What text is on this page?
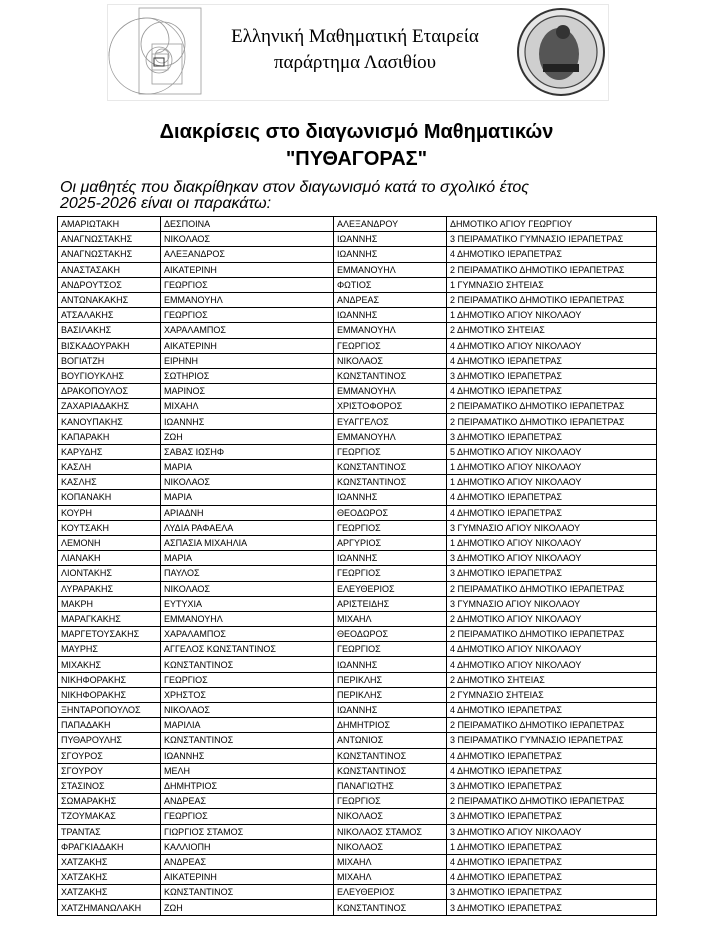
Ελληνική Μαθηματική Εταιρεία
παράρτημα Λασιθίου
Διακρίσεις στο διαγωνισμό Μαθηματικών
"ΠΥΘΑΓΟΡΑΣ"
Οι μαθητές που διακρίθηκαν στον διαγωνισμό κατά το σχολικό έτος
2025-2026 είναι οι παρακάτω:
ΑΜΑΡΙΩΤΑΚΗ	ΔΕΣΠΟΙΝΑ	ΑΛΕΞΑΝΔΡΟΥ	ΔΗΜΟΤΙΚΟ ΑΓΙΟΥ ΓΕΩΡΓΙΟΥ
ΑΝΑΓΝΩΣΤΑΚΗΣ	ΝΙΚΟΛΑΟΣ	ΙΩΑΝΝΗΣ	3 ΠΕΙΡΑΜΑΤΙΚΟ ΓΥΜΝΑΣΙΟ ΙΕΡΑΠΕΤΡΑΣ
ΑΝΑΓΝΩΣΤΑΚΗΣ	ΑΛΕΞΑΝΔΡΟΣ	ΙΩΑΝΝΗΣ	4 ΔΗΜΟΤΙΚΟ ΙΕΡΑΠΕΤΡΑΣ
ΑΝΑΣΤΑΣΑΚΗ	ΑΙΚΑΤΕΡΙΝΗ	ΕΜΜΑΝΟΥΗΛ	2 ΠΕΙΡΑΜΑΤΙΚΟ ΔΗΜΟΤΙΚΟ ΙΕΡΑΠΕΤΡΑΣ
ΑΝΔΡΟΥΤΣΟΣ	ΓΕΩΡΓΙΟΣ	ΦΩΤΙΟΣ	1 ΓΥΜΝΑΣΙΟ ΣΗΤΕΙΑΣ
ΑΝΤΩΝΑΚΑΚΗΣ	ΕΜΜΑΝΟΥΗΛ	ΑΝΔΡΕΑΣ	2 ΠΕΙΡΑΜΑΤΙΚΟ ΔΗΜΟΤΙΚΟ ΙΕΡΑΠΕΤΡΑΣ
ΑΤΣΑΛΑΚΗΣ	ΓΕΩΡΓΙΟΣ	ΙΩΑΝΝΗΣ	1 ΔΗΜΟΤΙΚΟ ΑΓΙΟΥ ΝΙΚΟΛΑΟΥ
ΒΑΣΙΛΑΚΗΣ	ΧΑΡΑΛΑΜΠΟΣ	ΕΜΜΑΝΟΥΗΛ	2 ΔΗΜΟΤΙΚΟ ΣΗΤΕΙΑΣ
ΒΙΣΚΑΔΟΥΡΑΚΗ	ΑΙΚΑΤΕΡΙΝΗ	ΓΕΩΡΓΙΟΣ	4 ΔΗΜΟΤΙΚΟ ΑΓΙΟΥ ΝΙΚΟΛΑΟΥ
ΒΟΓΙΑΤΖΗ	ΕΙΡΗΝΗ	ΝΙΚΟΛΑΟΣ	4 ΔΗΜΟΤΙΚΟ ΙΕΡΑΠΕΤΡΑΣ
ΒΟΥΓΙΟΥΚΛΗΣ	ΣΩΤΗΡΙΟΣ	ΚΩΝΣΤΑΝΤΙΝΟΣ	3 ΔΗΜΟΤΙΚΟ ΙΕΡΑΠΕΤΡΑΣ
ΔΡΑΚΟΠΟΥΛΟΣ	ΜΑΡΙΝΟΣ	ΕΜΜΑΝΟΥΗΛ	4 ΔΗΜΟΤΙΚΟ ΙΕΡΑΠΕΤΡΑΣ
ΖΑΧΑΡΙΑΔΑΚΗΣ	ΜΙΧΑΗΛ	ΧΡΙΣΤΟΦΟΡΟΣ	2 ΠΕΙΡΑΜΑΤΙΚΟ ΔΗΜΟΤΙΚΟ ΙΕΡΑΠΕΤΡΑΣ
ΚΑΝΟΥΠΑΚΗΣ	ΙΩΑΝΝΗΣ	ΕΥΑΓΓΕΛΟΣ	2 ΠΕΙΡΑΜΑΤΙΚΟ ΔΗΜΟΤΙΚΟ ΙΕΡΑΠΕΤΡΑΣ
ΚΑΠΑΡΑΚΗ	ΖΩΗ	ΕΜΜΑΝΟΥΗΛ	3 ΔΗΜΟΤΙΚΟ ΙΕΡΑΠΕΤΡΑΣ
ΚΑΡΥΔΗΣ	ΣΑΒΑΣ ΙΩΣΗΦ	ΓΕΩΡΓΙΟΣ	5 ΔΗΜΟΤΙΚΟ ΑΓΙΟΥ ΝΙΚΟΛΑΟΥ
ΚΑΣΛΗ	ΜΑΡΙΑ	ΚΩΝΣΤΑΝΤΙΝΟΣ	1 ΔΗΜΟΤΙΚΟ ΑΓΙΟΥ ΝΙΚΟΛΑΟΥ
ΚΑΣΛΗΣ	ΝΙΚΟΛΑΟΣ	ΚΩΝΣΤΑΝΤΙΝΟΣ	1 ΔΗΜΟΤΙΚΟ ΑΓΙΟΥ ΝΙΚΟΛΑΟΥ
ΚΟΠΑΝΑΚΗ	ΜΑΡΙΑ	ΙΩΑΝΝΗΣ	4 ΔΗΜΟΤΙΚΟ ΙΕΡΑΠΕΤΡΑΣ
ΚΟΥΡΗ	ΑΡΙΑΔΝΗ	ΘΕΟΔΩΡΟΣ	4 ΔΗΜΟΤΙΚΟ ΙΕΡΑΠΕΤΡΑΣ
ΚΟΥΤΣΑΚΗ	ΛΥΔΙΑ ΡΑΦΑΕΛΑ	ΓΕΩΡΓΙΟΣ	3 ΓΥΜΝΑΣΙΟ ΑΓΙΟΥ ΝΙΚΟΛΑΟΥ
ΛΕΜΟΝΗ	ΑΣΠΑΣΙΑ ΜΙΧΑΗΛΙΑ	ΑΡΓΥΡΙΟΣ	1 ΔΗΜΟΤΙΚΟ ΑΓΙΟΥ ΝΙΚΟΛΑΟΥ
ΛΙΑΝΑΚΗ	ΜΑΡΙΑ	ΙΩΑΝΝΗΣ	3 ΔΗΜΟΤΙΚΟ ΑΓΙΟΥ ΝΙΚΟΛΑΟΥ
ΛΙΟΝΤΑΚΗΣ	ΠΑΥΛΟΣ	ΓΕΩΡΓΙΟΣ	3 ΔΗΜΟΤΙΚΟ ΙΕΡΑΠΕΤΡΑΣ
ΛΥΡΑΡΑΚΗΣ	ΝΙΚΟΛΑΟΣ	ΕΛΕΥΘΕΡΙΟΣ	2 ΠΕΙΡΑΜΑΤΙΚΟ ΔΗΜΟΤΙΚΟ ΙΕΡΑΠΕΤΡΑΣ
ΜΑΚΡΗ	ΕΥΤΥΧΙΑ	ΑΡΙΣΤΕΙΔΗΣ	3 ΓΥΜΝΑΣΙΟ ΑΓΙΟΥ ΝΙΚΟΛΑΟΥ
ΜΑΡΑΓΚΑΚΗΣ	ΕΜΜΑΝΟΥΗΛ	ΜΙΧΑΗΛ	2 ΔΗΜΟΤΙΚΟ ΑΓΙΟΥ ΝΙΚΟΛΑΟΥ
ΜΑΡΓΕΤΟΥΣΑΚΗΣ	ΧΑΡΑΛΑΜΠΟΣ	ΘΕΟΔΩΡΟΣ	2 ΠΕΙΡΑΜΑΤΙΚΟ ΔΗΜΟΤΙΚΟ ΙΕΡΑΠΕΤΡΑΣ
ΜΑΥΡΗΣ	ΑΓΓΕΛΟΣ ΚΩΝΣΤΑΝΤΙΝΟΣ	ΓΕΩΡΓΙΟΣ	4 ΔΗΜΟΤΙΚΟ ΑΓΙΟΥ ΝΙΚΟΛΑΟΥ
ΜΙΧΑΚΗΣ	ΚΩΝΣΤΑΝΤΙΝΟΣ	ΙΩΑΝΝΗΣ	4 ΔΗΜΟΤΙΚΟ ΑΓΙΟΥ ΝΙΚΟΛΑΟΥ
ΝΙΚΗΦΟΡΑΚΗΣ	ΓΕΩΡΓΙΟΣ	ΠΕΡΙΚΛΗΣ	2 ΔΗΜΟΤΙΚΟ ΣΗΤΕΙΑΣ
ΝΙΚΗΦΟΡΑΚΗΣ	ΧΡΗΣΤΟΣ	ΠΕΡΙΚΛΗΣ	2 ΓΥΜΝΑΣΙΟ ΣΗΤΕΙΑΣ
ΞΗΝΤΑΡΟΠΟΥΛΟΣ	ΝΙΚΟΛΑΟΣ	ΙΩΑΝΝΗΣ	4 ΔΗΜΟΤΙΚΟ ΙΕΡΑΠΕΤΡΑΣ
ΠΑΠΑΔΑΚΗ	ΜΑΡΙΛΙΑ	ΔΗΜΗΤΡΙΟΣ	2 ΠΕΙΡΑΜΑΤΙΚΟ ΔΗΜΟΤΙΚΟ ΙΕΡΑΠΕΤΡΑΣ
ΠΥΘΑΡΟΥΛΗΣ	ΚΩΝΣΤΑΝΤΙΝΟΣ	ΑΝΤΩΝΙΟΣ	3 ΠΕΙΡΑΜΑΤΙΚΟ ΓΥΜΝΑΣΙΟ ΙΕΡΑΠΕΤΡΑΣ
ΣΓΟΥΡΟΣ	ΙΩΑΝΝΗΣ	ΚΩΝΣΤΑΝΤΙΝΟΣ	4 ΔΗΜΟΤΙΚΟ ΙΕΡΑΠΕΤΡΑΣ
ΣΓΟΥΡΟΥ	ΜΕΛΗ	ΚΩΝΣΤΑΝΤΙΝΟΣ	4 ΔΗΜΟΤΙΚΟ ΙΕΡΑΠΕΤΡΑΣ
ΣΤΑΣΙΝΟΣ	ΔΗΜΗΤΡΙΟΣ	ΠΑΝΑΓΙΩΤΗΣ	3 ΔΗΜΟΤΙΚΟ ΙΕΡΑΠΕΤΡΑΣ
ΣΩΜΑΡΑΚΗΣ	ΑΝΔΡΕΑΣ	ΓΕΩΡΓΙΟΣ	2 ΠΕΙΡΑΜΑΤΙΚΟ ΔΗΜΟΤΙΚΟ ΙΕΡΑΠΕΤΡΑΣ
ΤΖΟΥΜΑΚΑΣ	ΓΕΩΡΓΙΟΣ	ΝΙΚΟΛΑΟΣ	3 ΔΗΜΟΤΙΚΟ ΙΕΡΑΠΕΤΡΑΣ
ΤΡΑΝΤΑΣ	ΓΙΩΡΓΙΟΣ ΣΤΑΜΟΣ	ΝΙΚΟΛΑΟΣ ΣΤΑΜΟΣ	3 ΔΗΜΟΤΙΚΟ ΑΓΙΟΥ ΝΙΚΟΛΑΟΥ
ΦΡΑΓΚΙΑΔΑΚΗ	ΚΑΛΛΙΟΠΗ	ΝΙΚΟΛΑΟΣ	1 ΔΗΜΟΤΙΚΟ ΙΕΡΑΠΕΤΡΑΣ
ΧΑΤΖΑΚΗΣ	ΑΝΔΡΕΑΣ	ΜΙΧΑΗΛ	4 ΔΗΜΟΤΙΚΟ ΙΕΡΑΠΕΤΡΑΣ
ΧΑΤΖΑΚΗΣ	ΑΙΚΑΤΕΡΙΝΗ	ΜΙΧΑΗΛ	4 ΔΗΜΟΤΙΚΟ ΙΕΡΑΠΕΤΡΑΣ
ΧΑΤΖΑΚΗΣ	ΚΩΝΣΤΑΝΤΙΝΟΣ	ΕΛΕΥΘΕΡΙΟΣ	3 ΔΗΜΟΤΙΚΟ ΙΕΡΑΠΕΤΡΑΣ
ΧΑΤΖΗΜΑΝΩΛΑΚΗ	ΖΩΗ	ΚΩΝΣΤΑΝΤΙΝΟΣ	3 ΔΗΜΟΤΙΚΟ ΙΕΡΑΠΕΤΡΑΣ
